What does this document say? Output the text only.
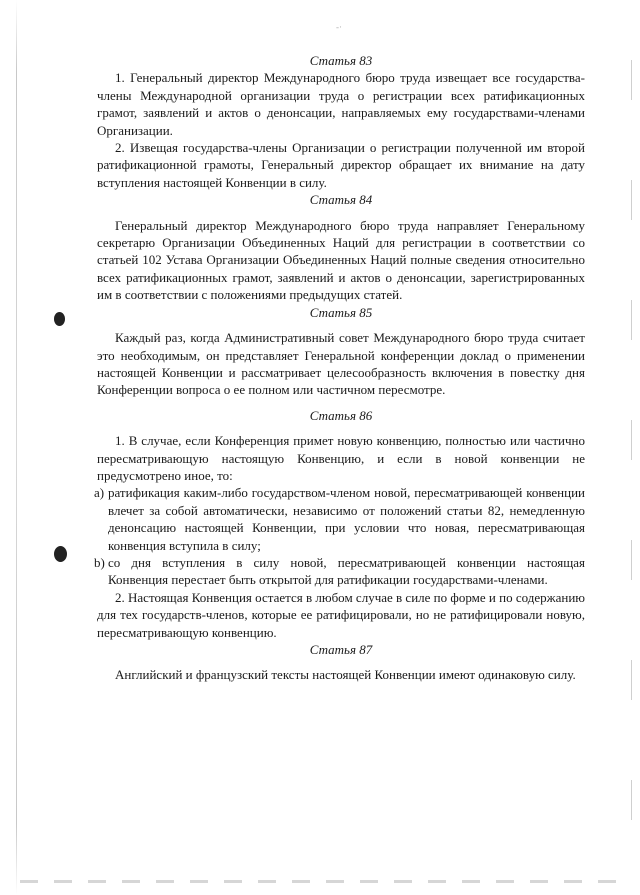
-·
Статья 83

1. Генеральный директор Международного бюро труда извещает все государства-члены Международной организации труда о регистрации всех ратификационных грамот, заявлений и актов о денонсации, направляемых ему государствами-членами Организации.

2. Извещая государства-члены Организации о регистрации полученной им второй ратификационной грамоты, Генеральный директор обращает их внимание на дату вступления настоящей Конвенции в силу.

Статья 84

Генеральный директор Международного бюро труда направляет Генеральному секретарю Организации Объединенных Наций для регистрации в соответствии со статьей 102 Устава Организации Объединенных Наций полные сведения относительно всех ратификационных грамот, заявлений и актов о денонсации, зарегистрированных им в соответствии с положениями предыдущих статей.

Статья 85

Каждый раз, когда Административный совет Международного бюро труда считает это необходимым, он представляет Генеральной конференции доклад о применении настоящей Конвенции и рассматривает целесообразность включения в повестку дня Конференции вопроса о ее полном или частичном пересмотре.

Статья 86

1. В случае, если Конференция примет новую конвенцию, полностью или частично пересматривающую настоящую Конвенцию, и если в новой конвенции не предусмотрено иное, то:

a) ратификация каким-либо государством-членом новой, пересматривающей конвенции влечет за собой автоматически, независимо от положений статьи 82, немедленную денонсацию настоящей Конвенции, при условии что новая, пересматривающая конвенция вступила в силу;
b) со дня вступления в силу новой, пересматривающей конвенции настоящая Конвенция перестает быть открытой для ратификации государствами-членами.

2. Настоящая Конвенция остается в любом случае в силе по форме и по содержанию для тех государств-членов, которые ее ратифицировали, но не ратифицировали новую, пересматривающую конвенцию.

Статья 87

Английский и французский тексты настоящей Конвенции имеют одинаковую силу.
